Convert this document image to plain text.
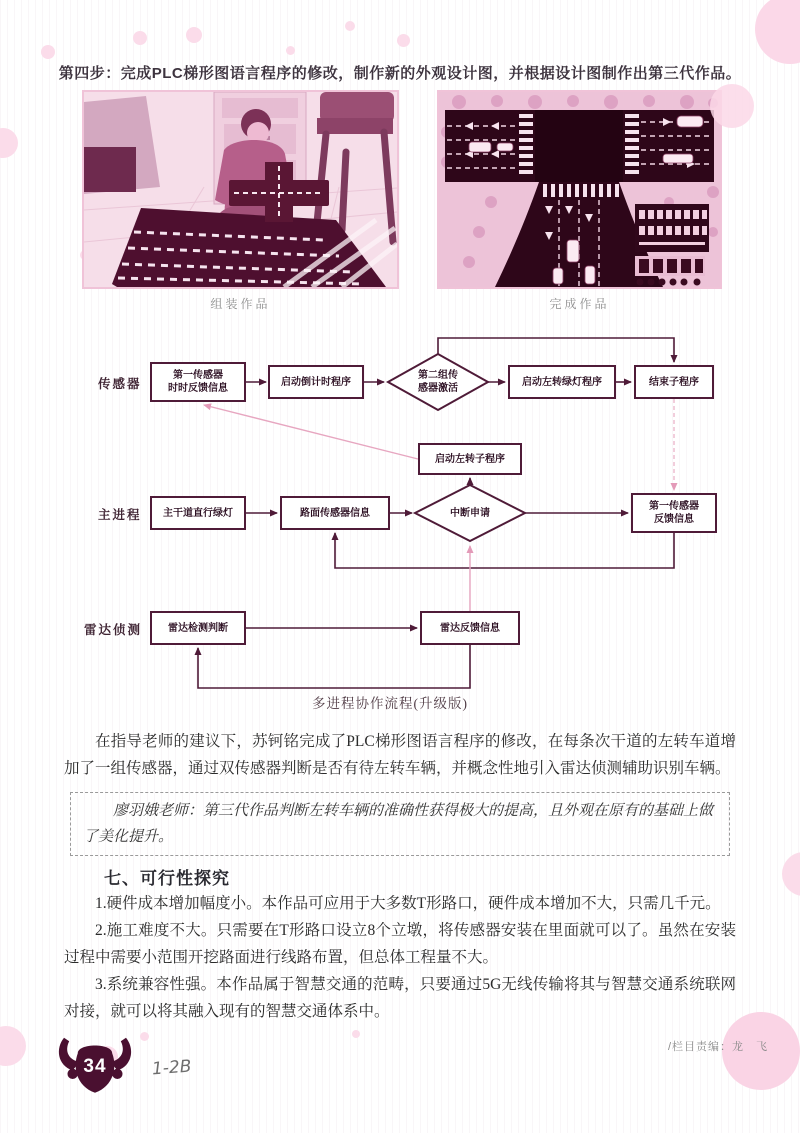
第四步：完成PLC梯形图语言程序的修改，制作新的外观设计图，并根据设计图制作出第三代作品。
组装作品	完成作品
传感器
主进程
雷达侦测
第一传感器
时时反馈信息
启动倒计时程序
第二组传
感器激活
启动左转绿灯程序	结束子程序
启动左转子程序
主干道直行绿灯	路面传感器信息	中断申请
第一传感器
反馈信息
雷达检测判断	雷达反馈信息
多进程协作流程(升级版)

在指导老师的建议下，苏钶铭完成了PLC梯形图语言程序的修改，在每条次干道的左转车道增加了一组传感器，通过双传感器判断是否有待左转车辆，并概念性地引入雷达侦测辅助识别车辆。

廖羽娥老师：第三代作品判断左转车辆的准确性获得极大的提高，且外观在原有的基础上做了美化提升。

七、可行性探究

1.硬件成本增加幅度小。本作品可应用于大多数T形路口，硬件成本增加不大，只需几千元。

2.施工难度不大。只需要在T形路口设立8个立墩，将传感器安装在里面就可以了。虽然在安装过程中需要小范围开挖路面进行线路布置，但总体工程量不大。

3.系统兼容性强。本作品属于智慧交通的范畴，只要通过5G无线传输将其与智慧交通系统联网对接，就可以将其融入现有的智慧交通体系中。

34	1-2B
/栏目责编：龙　飞
